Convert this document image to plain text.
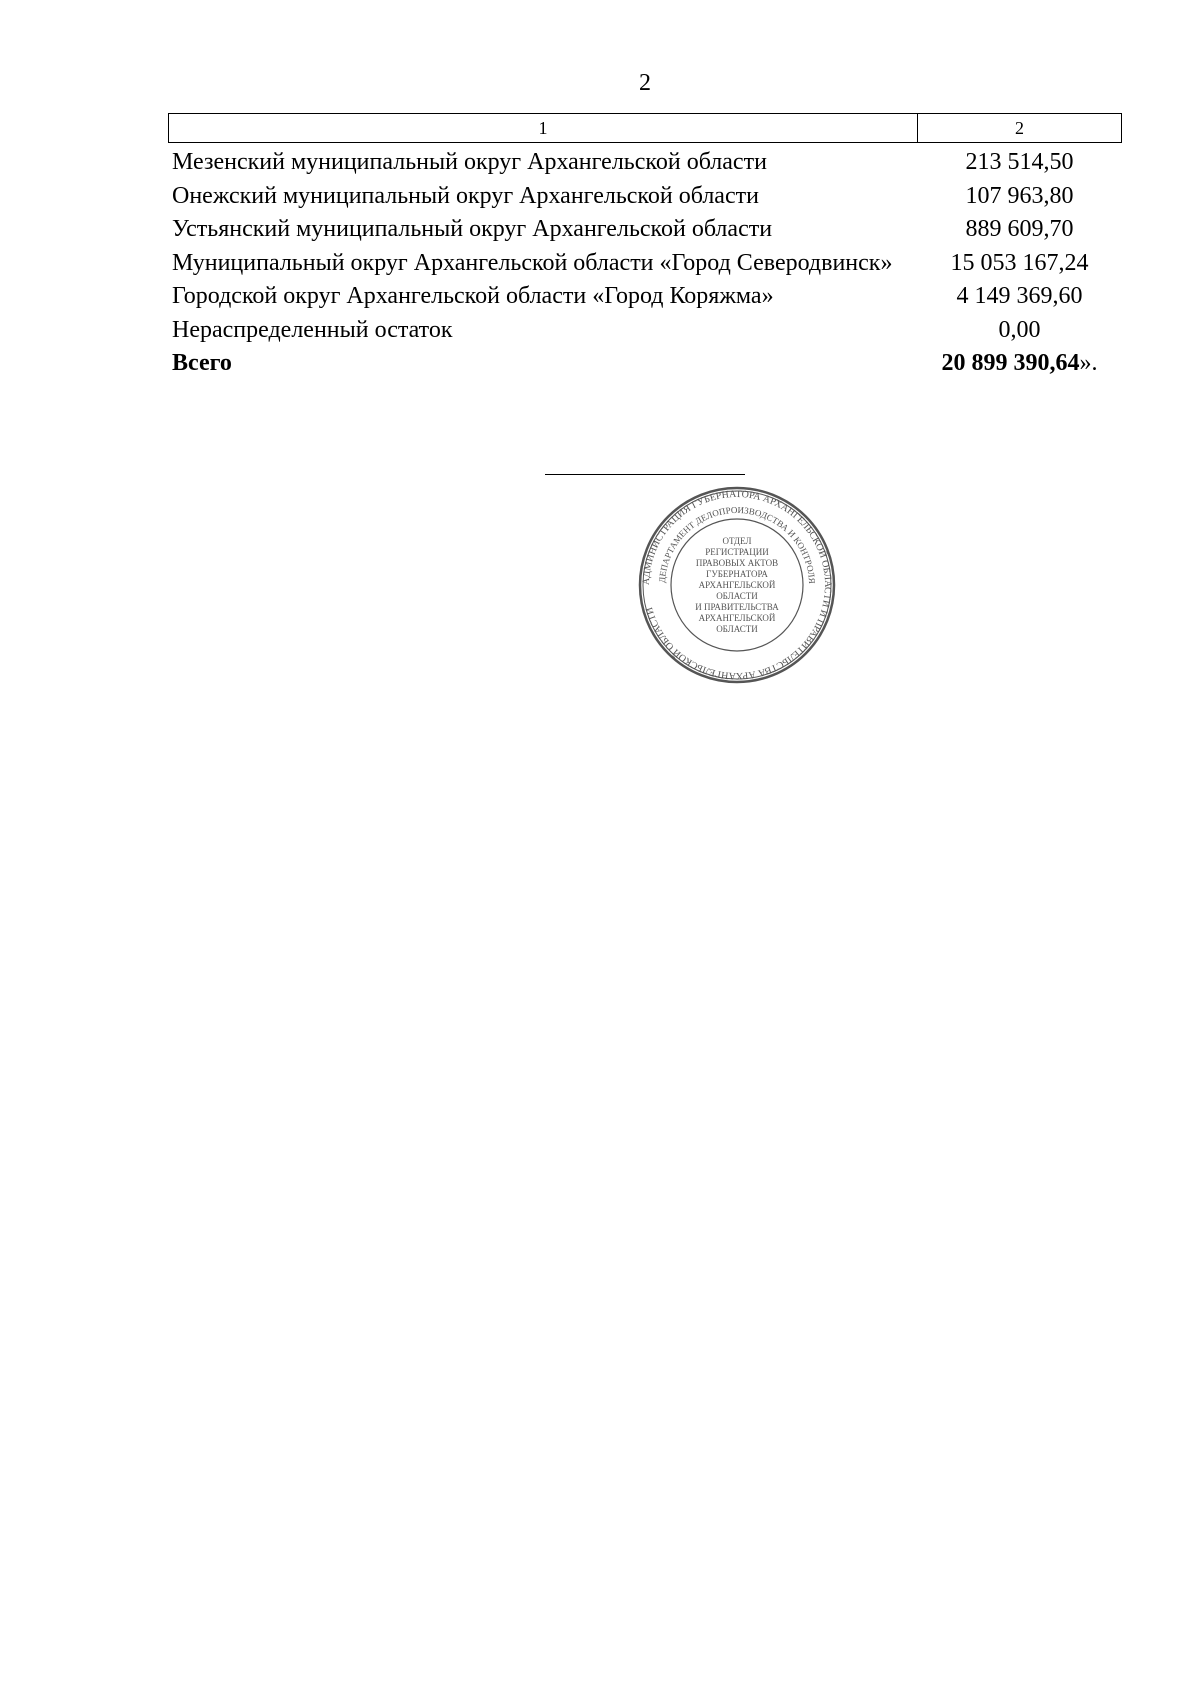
2
1	2
Мезенский муниципальный округ Архангельской области	213 514,50
Онежский муниципальный округ Архангельской области	107 963,80
Устьянский муниципальный округ Архангельской области	889 609,70
Муниципальный округ Архангельской области «Город Северодвинск»	15 053 167,24
Городской округ Архангельской области «Город Коряжма»	4 149 369,60
Нераспределенный остаток	0,00
Всего	20 899 390,64».
АДМИНИСТРАЦИЯ ГУБЕРНАТОРА АРХАНГЕЛЬСКОЙ ОБЛАСТИ И ПРАВИТЕЛЬСТВА АРХАНГЕЛЬСКОЙ ОБЛАСТИ
ДЕПАРТАМЕНТ ДЕЛОПРОИЗВОДСТВА И КОНТРОЛЯ
ОТДЕЛ
РЕГИСТРАЦИИ
ПРАВОВЫХ АКТОВ
ГУБЕРНАТОРА
АРХАНГЕЛЬСКОЙ
ОБЛАСТИ
И ПРАВИТЕЛЬСТВА
АРХАНГЕЛЬСКОЙ
ОБЛАСТИ
